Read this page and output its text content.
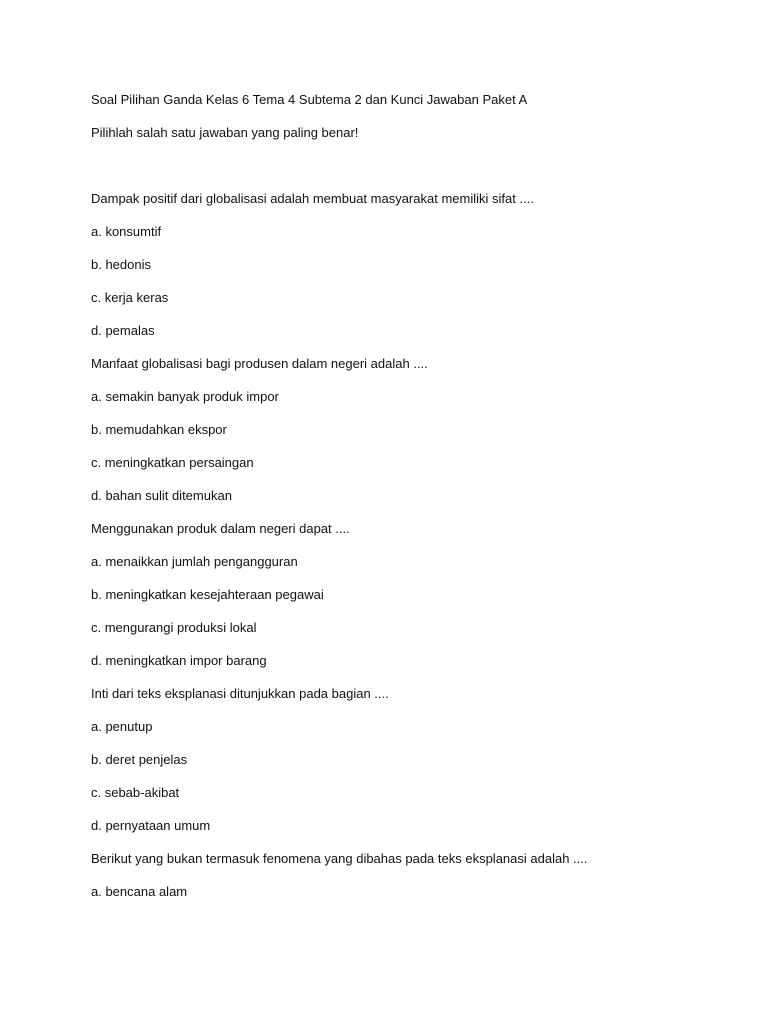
Soal Pilihan Ganda Kelas 6 Tema 4 Subtema 2 dan Kunci Jawaban Paket A

Pilihlah salah satu jawaban yang paling benar!

Dampak positif dari globalisasi adalah membuat masyarakat memiliki sifat ....

a. konsumtif

b. hedonis

c. kerja keras

d. pemalas

Manfaat globalisasi bagi produsen dalam negeri adalah ....

a. semakin banyak produk impor

b. memudahkan ekspor

c. meningkatkan persaingan

d. bahan sulit ditemukan

Menggunakan produk dalam negeri dapat ....

a. menaikkan jumlah pengangguran

b. meningkatkan kesejahteraan pegawai

c. mengurangi produksi lokal

d. meningkatkan impor barang

Inti dari teks eksplanasi ditunjukkan pada bagian ....

a. penutup

b. deret penjelas

c. sebab-akibat

d. pernyataan umum

Berikut yang bukan termasuk fenomena yang dibahas pada teks eksplanasi adalah ....

a. bencana alam
